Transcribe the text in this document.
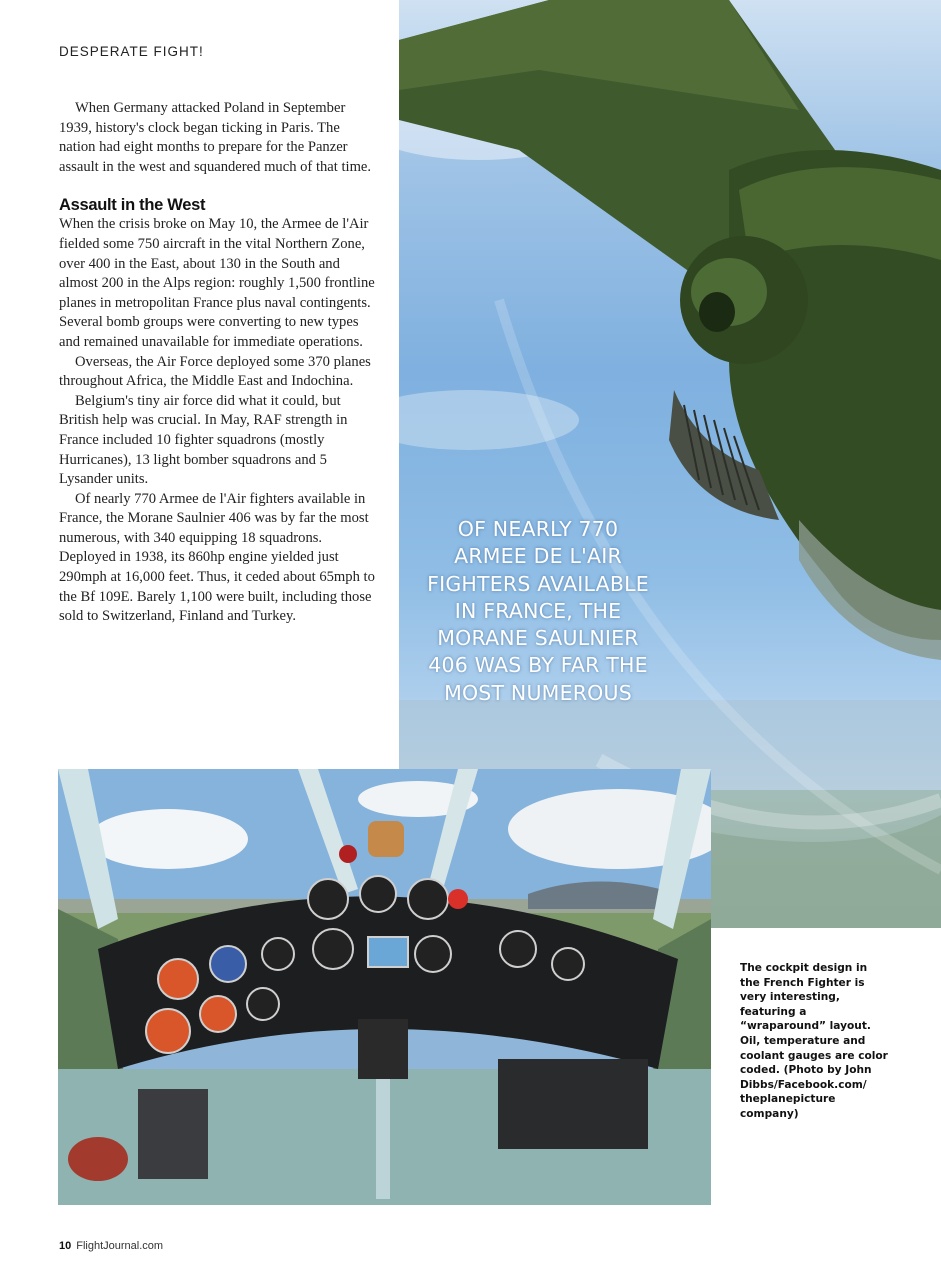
OF NEARLY 770 ARMEE DE L'AIR FIGHTERS AVAILABLE IN FRANCE, THE MORANE SAULNIER 406 WAS BY FAR THE MOST NUMEROUS
DESPERATE FIGHT!

When Germany attacked Poland in September 1939, history's clock began ticking in Paris. The nation had eight months to prepare for the Panzer assault in the west and squandered much of that time.

Assault in the West

When the crisis broke on May 10, the Armee de l'Air fielded some 750 aircraft in the vital Northern Zone, over 400 in the East, about 130 in the South and almost 200 in the Alps region: roughly 1,500 frontline planes in metropolitan France plus naval contingents. Several bomb groups were converting to new types and remained unavailable for immediate operations.

Overseas, the Air Force deployed some 370 planes throughout Africa, the Middle East and Indochina.

Belgium's tiny air force did what it could, but British help was crucial. In May, RAF strength in France included 10 fighter squadrons (mostly Hurricanes), 13 light bomber squadrons and 5 Lysander units.

Of nearly 770 Armee de l'Air fighters available in France, the Morane Saulnier 406 was by far the most numerous, with 340 equipping 18 squadrons. Deployed in 1938, its 860hp engine yielded just 290mph at 16,000 feet. Thus, it ceded about 65mph to the Bf 109E. Barely 1,100 were built, including those sold to Switzerland, Finland and Turkey.

The cockpit design in the French Fighter is very interesting, featuring a “wraparound” layout. Oil, temperature and coolant gauges are color coded. (Photo by John Dibbs/Facebook.com/ theplanepicture company)
10 FlightJournal.com
